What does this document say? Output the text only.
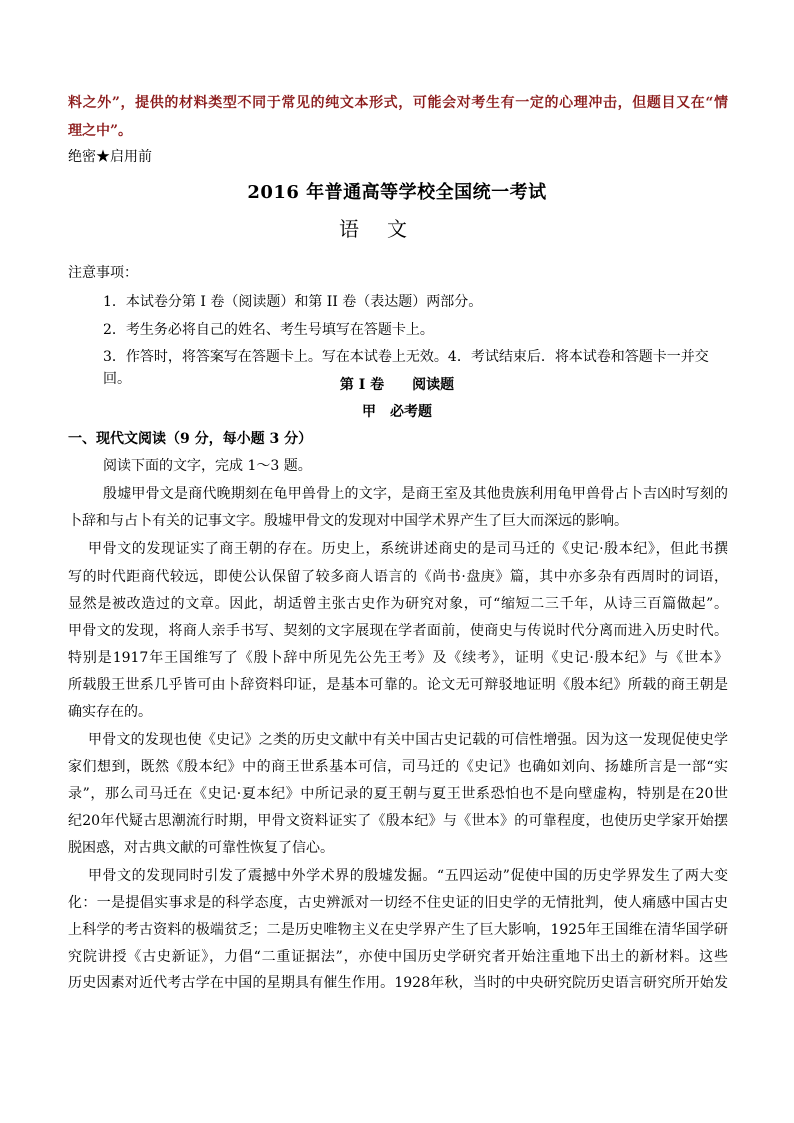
料之外”，提供的材料类型不同于常见的纯文本形式，可能会对考生有一定的心理冲击，但题目又在“情
理之中”。
绝密★启用前
2016 年普通高等学校全国统一考试
语　文
注意事项：
1．本试卷分第 I 卷（阅读题）和第 II 卷（表达题）两部分。
2．考生务必将自己的姓名、考生号填写在答题卡上。
3．作答时，将答案写在答题卡上。写在本试卷上无效。4．考试结束后．将本试卷和答题卡一并交回。	第 I 卷　　阅读题
甲　必考题
一、现代文阅读（9 分，每小题 3 分）
阅读下面的文字，完成 1～3 题。
殷墟甲骨文是商代晚期刻在龟甲兽骨上的文字，是商王室及其他贵族利用龟甲兽骨占卜吉凶时写刻的
卜辞和与占卜有关的记事文字。殷墟甲骨文的发现对中国学术界产生了巨大而深远的影响。
甲骨文的发现证实了商王朝的存在。历史上，系统讲述商史的是司马迁的《史记·殷本纪》，但此书撰
写的时代距商代较远，即使公认保留了较多商人语言的《尚书·盘庚》篇，其中亦多杂有西周时的词语，
显然是被改造过的文章。因此，胡适曾主张古史作为研究对象，可“缩短二三千年，从诗三百篇做起”。
甲骨文的发现，将商人亲手书写、契刻的文字展现在学者面前，使商史与传说时代分离而进入历史时代。
特别是1917年王国维写了《殷卜辞中所见先公先王考》及《续考》，证明《史记·殷本纪》与《世本》
所载殷王世系几乎皆可由卜辞资料印证，是基本可靠的。论文无可辩驳地证明《殷本纪》所载的商王朝是
确实存在的。
甲骨文的发现也使《史记》之类的历史文献中有关中国古史记载的可信性增强。因为这一发现促使史学
家们想到，既然《殷本纪》中的商王世系基本可信，司马迁的《史记》也确如刘向、扬雄所言是一部“实
录”，那么司马迁在《史记·夏本纪》中所记录的夏王朝与夏王世系恐怕也不是向壁虚构，特别是在20世
纪20年代疑古思潮流行时期，甲骨文资料证实了《殷本纪》与《世本》的可靠程度，也使历史学家开始摆
脱困惑，对古典文献的可靠性恢复了信心。
甲骨文的发现同时引发了震撼中外学术界的殷墟发掘。“五四运动”促使中国的历史学界发生了两大变
化：一是提倡实事求是的科学态度，古史辨派对一切经不住史证的旧史学的无情批判，使人痛感中国古史
上科学的考古资料的极端贫乏；二是历史唯物主义在史学界产生了巨大影响，1925年王国维在清华国学研
究院讲授《古史新证》，力倡“二重证据法”，亦使中国历史学研究者开始注重地下出土的新材料。这些
历史因素对近代考古学在中国的星期具有催生作用。1928年秋，当时的中央研究院历史语言研究所开始发
